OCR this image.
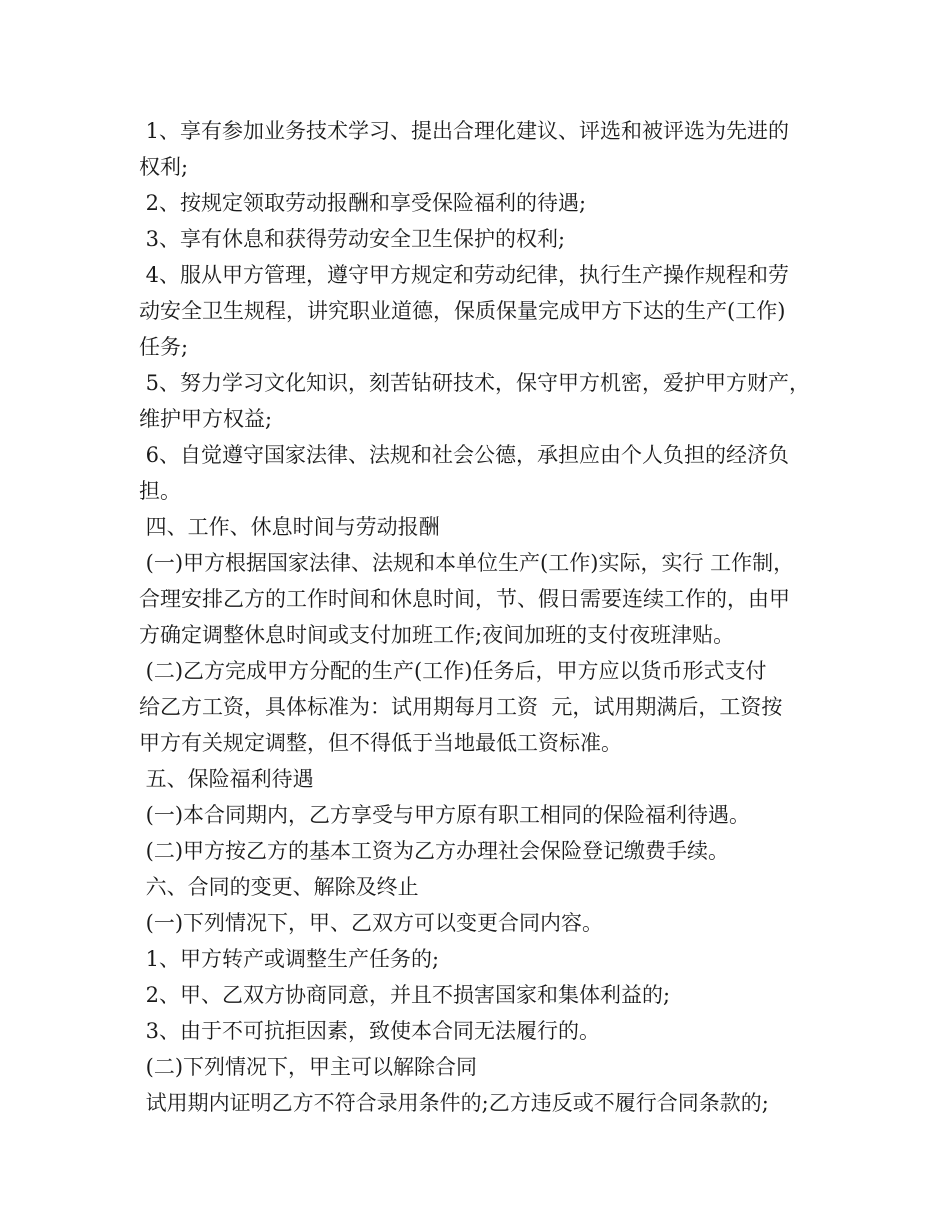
1、享有参加业务技术学习、提出合理化建议、评选和被评选为先进的

权利;

2、按规定领取劳动报酬和享受保险福利的待遇;

3、享有休息和获得劳动安全卫生保护的权利;

4、服从甲方管理，遵守甲方规定和劳动纪律，执行生产操作规程和劳

动安全卫生规程，讲究职业道德，保质保量完成甲方下达的生产(工作)

任务;

5、努力学习文化知识，刻苦钻研技术，保守甲方机密，爱护甲方财产，

维护甲方权益;

6、自觉遵守国家法律、法规和社会公德，承担应由个人负担的经济负

担。

四、工作、休息时间与劳动报酬

(一)甲方根据国家法律、法规和本单位生产(工作)实际，实行 工作制，

合理安排乙方的工作时间和休息时间，节、假日需要连续工作的，由甲

方确定调整休息时间或支付加班工作;夜间加班的支付夜班津贴。

(二)乙方完成甲方分配的生产(工作)任务后，甲方应以货币形式支付

给乙方工资，具体标准为：试用期每月工资  元，试用期满后，工资按

甲方有关规定调整，但不得低于当地最低工资标准。

五、保险福利待遇

(一)本合同期内，乙方享受与甲方原有职工相同的保险福利待遇。

(二)甲方按乙方的基本工资为乙方办理社会保险登记缴费手续。

六、合同的变更、解除及终止

(一)下列情况下，甲、乙双方可以变更合同内容。

1、甲方转产或调整生产任务的;

2、甲、乙双方协商同意，并且不损害国家和集体利益的;

3、由于不可抗拒因素，致使本合同无法履行的。

(二)下列情况下，甲主可以解除合同

试用期内证明乙方不符合录用条件的;乙方违反或不履行合同条款的;
